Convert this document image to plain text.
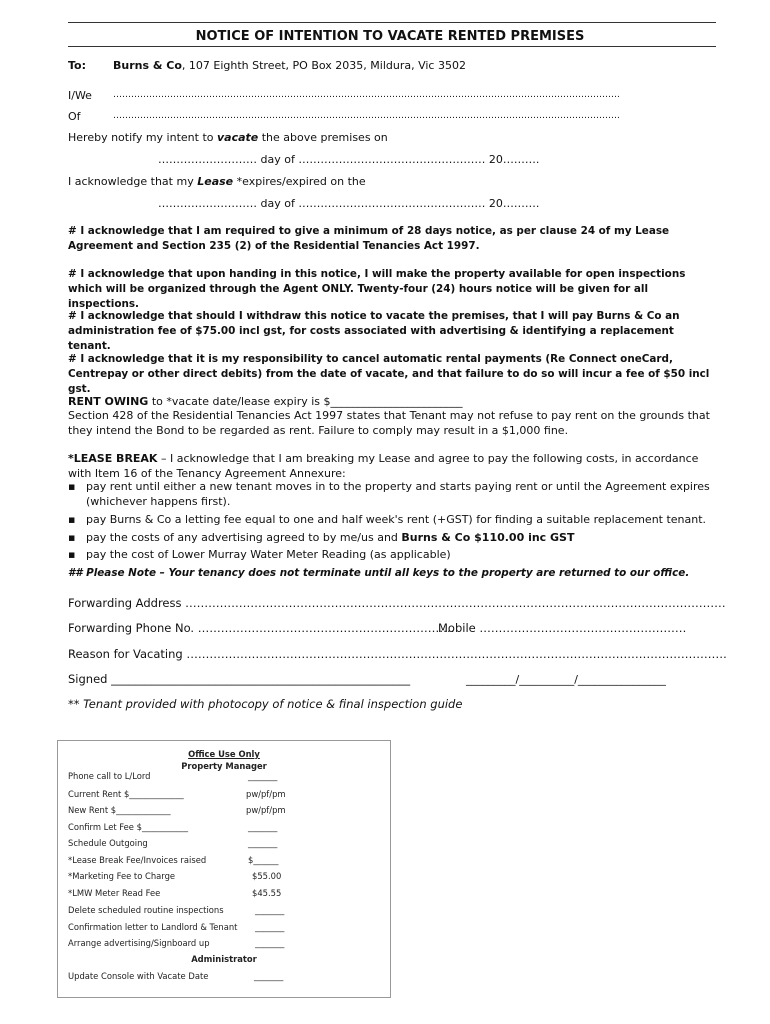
NOTICE OF INTENTION TO VACATE RENTED PREMISES
To: Burns & Co, 107 Eighth Street, PO Box 2035, Mildura, Vic 3502
I/We …………………………………………………………………………………………………………………………………………………….
Of	…………………………………………………………………………………………………………………………………………………….
Hereby notify my intent to vacate the above premises on
……………………… day of …………………………………………… 20……….
I acknowledge that my Lease *expires/expired on the
……………………… day of …………………………………………… 20……….
# I acknowledge that I am required to give a minimum of 28 days notice, as per clause 24 of my Lease Agreement and Section 235 (2) of the Residential Tenancies Act 1997.
# I acknowledge that upon handing in this notice, I will make the property available for open inspections which will be organized through the Agent ONLY. Twenty-four (24) hours notice will be given for all inspections.
# I acknowledge that should I withdraw this notice to vacate the premises, that I will pay Burns & Co an administration fee of $75.00 incl gst, for costs associated with advertising & identifying a replacement tenant.
# I acknowledge that it is my responsibility to cancel automatic rental payments (Re Connect oneCard, Centrepay or other direct debits) from the date of vacate, and that failure to do so will incur a fee of $50 incl gst.
RENT OWING to *vacate date/lease expiry is $________________________
Section 428 of the Residential Tenancies Act 1997 states that Tenant may not refuse to pay rent on the grounds that they intend the Bond to be regarded as rent. Failure to comply may result in a $1,000 fine.
*LEASE BREAK – I acknowledge that I am breaking my Lease and agree to pay the following costs, in accordance with Item 16 of the Tenancy Agreement Annexure:
▪ pay rent until either a new tenant moves in to the property and starts paying rent or until the Agreement expires (whichever happens first).
▪ pay Burns & Co a letting fee equal to one and half week's rent (+GST) for finding a suitable replacement tenant.
▪ pay the costs of any advertising agreed to by me/us and Burns & Co $110.00 inc GST
▪ pay the cost of Lower Murray Water Meter Reading (as applicable)
## Please Note – Your tenancy does not terminate until all keys to the property are returned to our office.
Forwarding Address ……………………………………………………………………………………………………………………………
Forwarding Phone No. ………………………………………………………….
Mobile ………………………………………………
Reason for Vacating ……………………………………………………………………………………………………………………………
Signed ____________________________________________________	_________/__________/________________
** Tenant provided with photocopy of notice & final inspection guide
Office Use Only
Property Manager
Phone call to L/Lord	_______
Current Rent $_____________	pw/pf/pm
New Rent $_____________	pw/pf/pm
Confirm Let Fee $___________	_______
Schedule Outgoing	_______
*Lease Break Fee/Invoices raised	$______
*Marketing Fee to Charge	$55.00
*LMW Meter Read Fee	$45.55
Delete scheduled routine inspections	_______
Confirmation letter to Landlord & Tenant _______
Arrange advertising/Signboard up	_______
Administrator
Update Console with Vacate Date	_______
